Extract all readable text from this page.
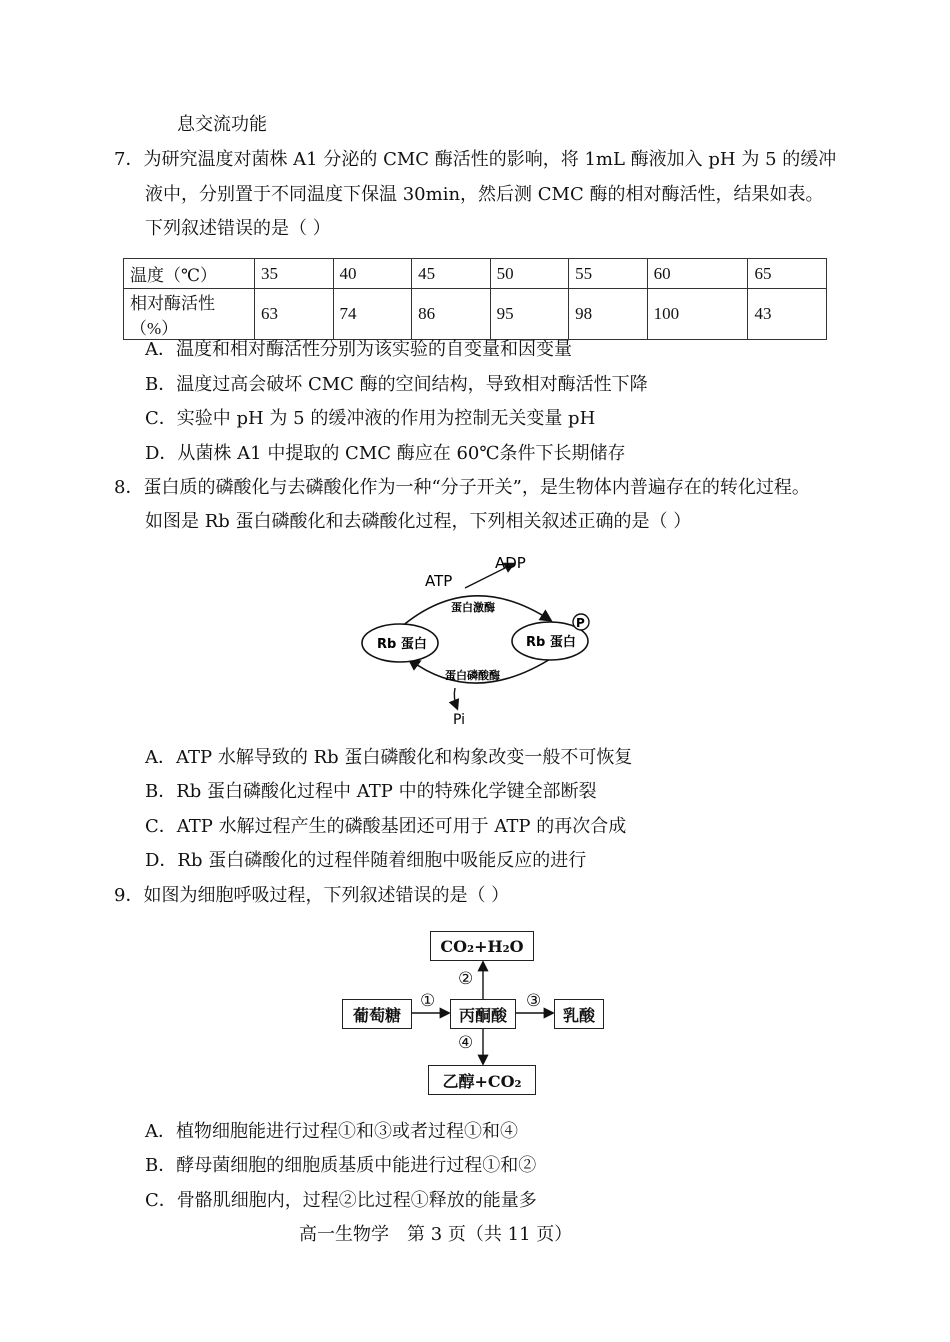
息交流功能
7．为研究温度对菌株 A1 分泌的 CMC 酶活性的影响，将 1mL 酶液加入 pH 为 5 的缓冲
液中，分别置于不同温度下保温 30min，然后测 CMC 酶的相对酶活性，结果如表。
下列叙述错误的是（ ）
温度（℃）	35	40	45	50	55	60	65
相对酶活性（%）	63	74	86	95	98	100	43
A．温度和相对酶活性分别为该实验的自变量和因变量
B．温度过高会破坏 CMC 酶的空间结构，导致相对酶活性下降
C．实验中 pH 为 5 的缓冲液的作用为控制无关变量 pH
D．从菌株 A1 中提取的 CMC 酶应在 60℃条件下长期储存
8．蛋白质的磷酸化与去磷酸化作为一种“分子开关”，是生物体内普遍存在的转化过程。
如图是 Rb 蛋白磷酸化和去磷酸化过程，下列相关叙述正确的是（ ）
ATP
ADP
蛋白激酶
蛋白磷酸酶
Rb 蛋白	Rb 蛋白
P
Pi
A．ATP 水解导致的 Rb 蛋白磷酸化和构象改变一般不可恢复
B．Rb 蛋白磷酸化过程中 ATP 中的特殊化学键全部断裂
C．ATP 水解过程产生的磷酸基团还可用于 ATP 的再次合成
D．Rb 蛋白磷酸化的过程伴随着细胞中吸能反应的进行
9．如图为细胞呼吸过程，下列叙述错误的是（ ）
CO₂+H₂O
葡萄糖	丙酮酸	乳酸
乙醇+CO₂
①
②
③
④
A．植物细胞能进行过程①和③或者过程①和④
B．酵母菌细胞的细胞质基质中能进行过程①和②
C．骨骼肌细胞内，过程②比过程①释放的能量多
高一生物学　第 3 页（共 11 页）
